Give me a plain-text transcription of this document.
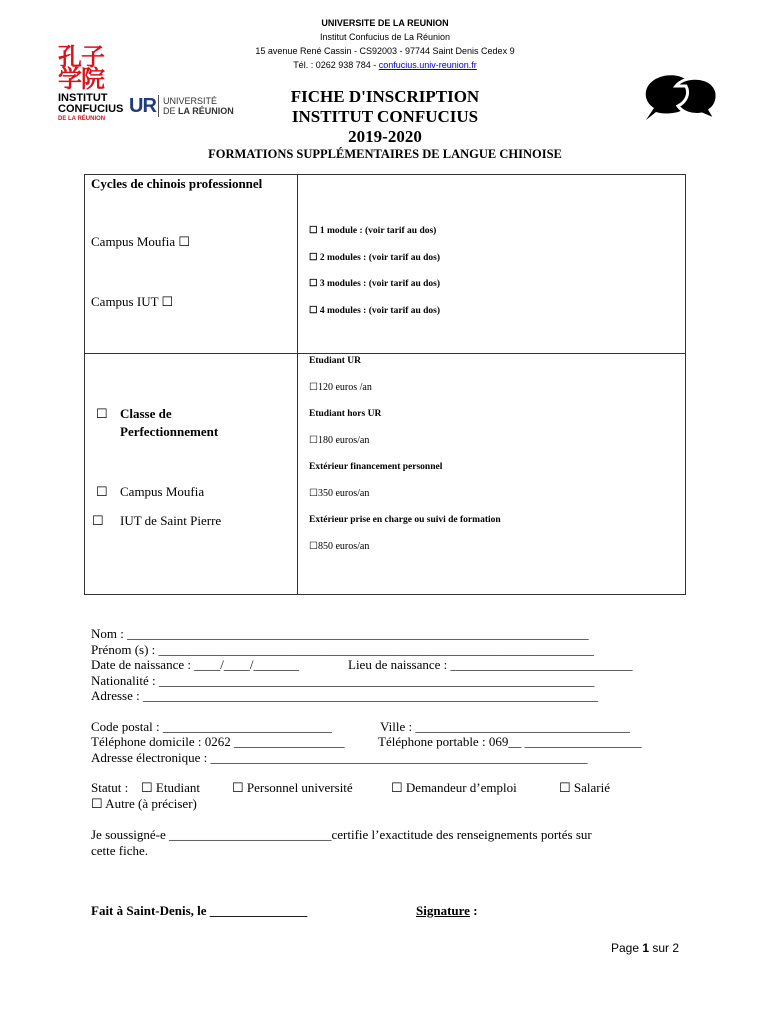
UNIVERSITE DE LA REUNION
Institut Confucius de La Réunion
15 avenue René Cassin - CS92003 - 97744 Saint Denis Cedex 9
Tél. : 0262 938 784 - confucius.univ-reunion.fr
孔子学院
INSTITUT
CONFUCIUS
DE LA RÉUNION
UR UNIVERSITÉ
DE LA RÉUNION
FICHE D'INSCRIPTION
INSTITUT CONFUCIUS
2019-2020
FORMATIONS SUPPLÉMENTAIRES DE LANGUE CHINOISE
Cycles de chinois professionnel
Campus Moufia ☐
Campus IUT ☐
☐ 1 module : (voir tarif au dos)
☐ 2 modules : (voir tarif au dos)
☐ 3 modules : (voir tarif au dos)
☐ 4 modules : (voir tarif au dos)
☐ Classe de
Perfectionnement
☐ Campus Moufia
☐ IUT de Saint Pierre
Etudiant UR
☐120 euros /an
Etudiant hors UR
☐180 euros/an
Extérieur financement personnel
☐350 euros/an
Extérieur prise en charge ou suivi de formation
☐850 euros/an
Nom : _______________________________________________________________________
Prénom (s) : ___________________________________________________________________
Date de naissance : ____/____/_______	Lieu de naissance : ____________________________
Nationalité : ___________________________________________________________________
Adresse : ______________________________________________________________________
Code postal : __________________________	Ville : _________________________________
Téléphone domicile : 0262 _________________	Téléphone portable : 069__ __________________
Adresse électronique : __________________________________________________________
Statut : ☐ Etudiant ☐ Personnel université	☐ Demandeur d’emploi	☐ Salarié
☐ Autre (à préciser)
Je soussigné-e _________________________certifie l’exactitude des renseignements portés sur
cette fiche.
Fait à Saint-Denis, le _______________	Signature :
Page 1 sur 2
